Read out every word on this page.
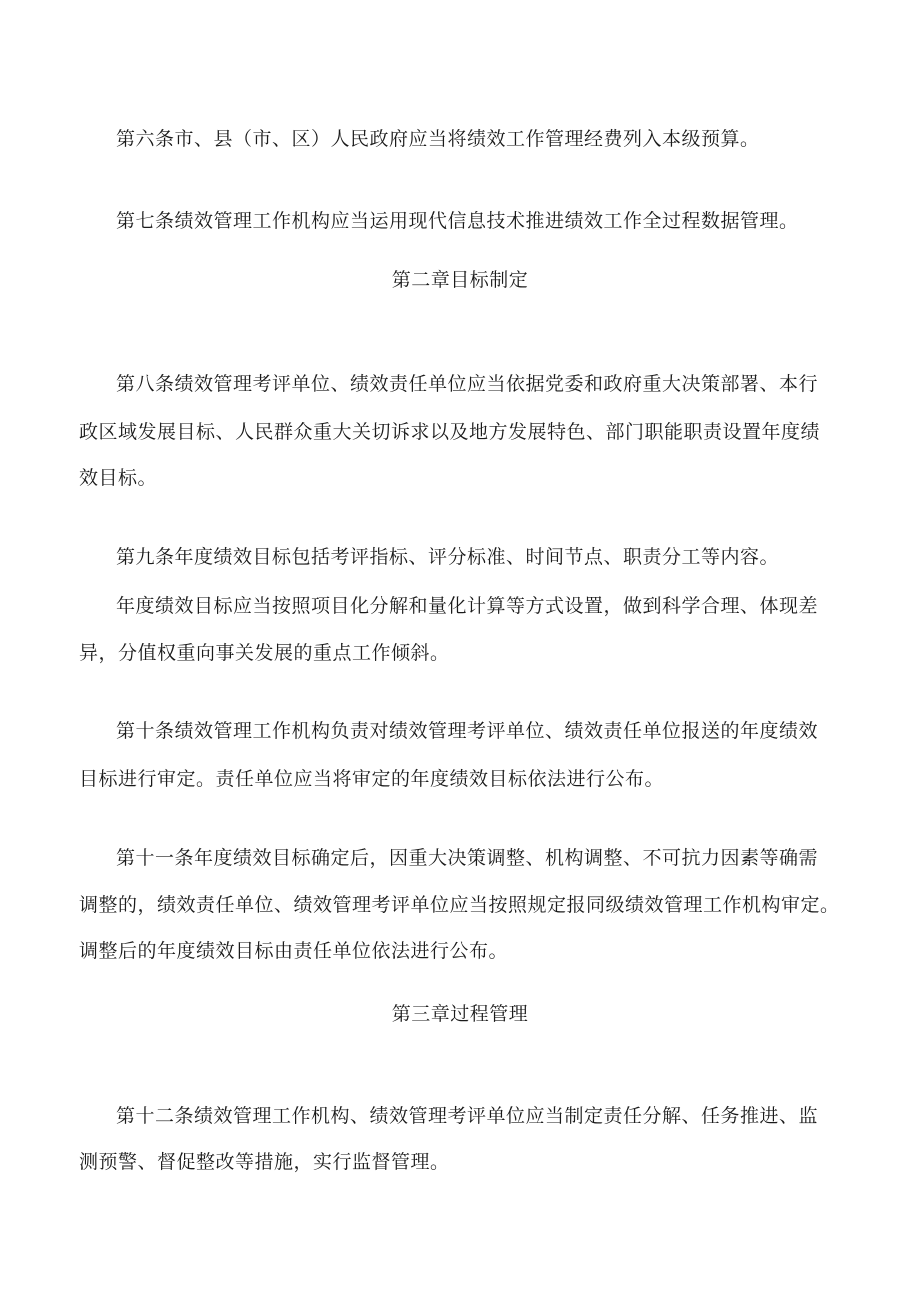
第六条市、县（市、区）人民政府应当将绩效工作管理经费列入本级预算。
第七条绩效管理工作机构应当运用现代信息技术推进绩效工作全过程数据管理。
第二章目标制定
第八条绩效管理考评单位、绩效责任单位应当依据党委和政府重大决策部署、本行
政区域发展目标、人民群众重大关切诉求以及地方发展特色、部门职能职责设置年度绩
效目标。
第九条年度绩效目标包括考评指标、评分标准、时间节点、职责分工等内容。
年度绩效目标应当按照项目化分解和量化计算等方式设置，做到科学合理、体现差
异，分值权重向事关发展的重点工作倾斜。
第十条绩效管理工作机构负责对绩效管理考评单位、绩效责任单位报送的年度绩效
目标进行审定。责任单位应当将审定的年度绩效目标依法进行公布。
第十一条年度绩效目标确定后，因重大决策调整、机构调整、不可抗力因素等确需
调整的，绩效责任单位、绩效管理考评单位应当按照规定报同级绩效管理工作机构审定。
调整后的年度绩效目标由责任单位依法进行公布。
第三章过程管理
第十二条绩效管理工作机构、绩效管理考评单位应当制定责任分解、任务推进、监
测预警、督促整改等措施，实行监督管理。
